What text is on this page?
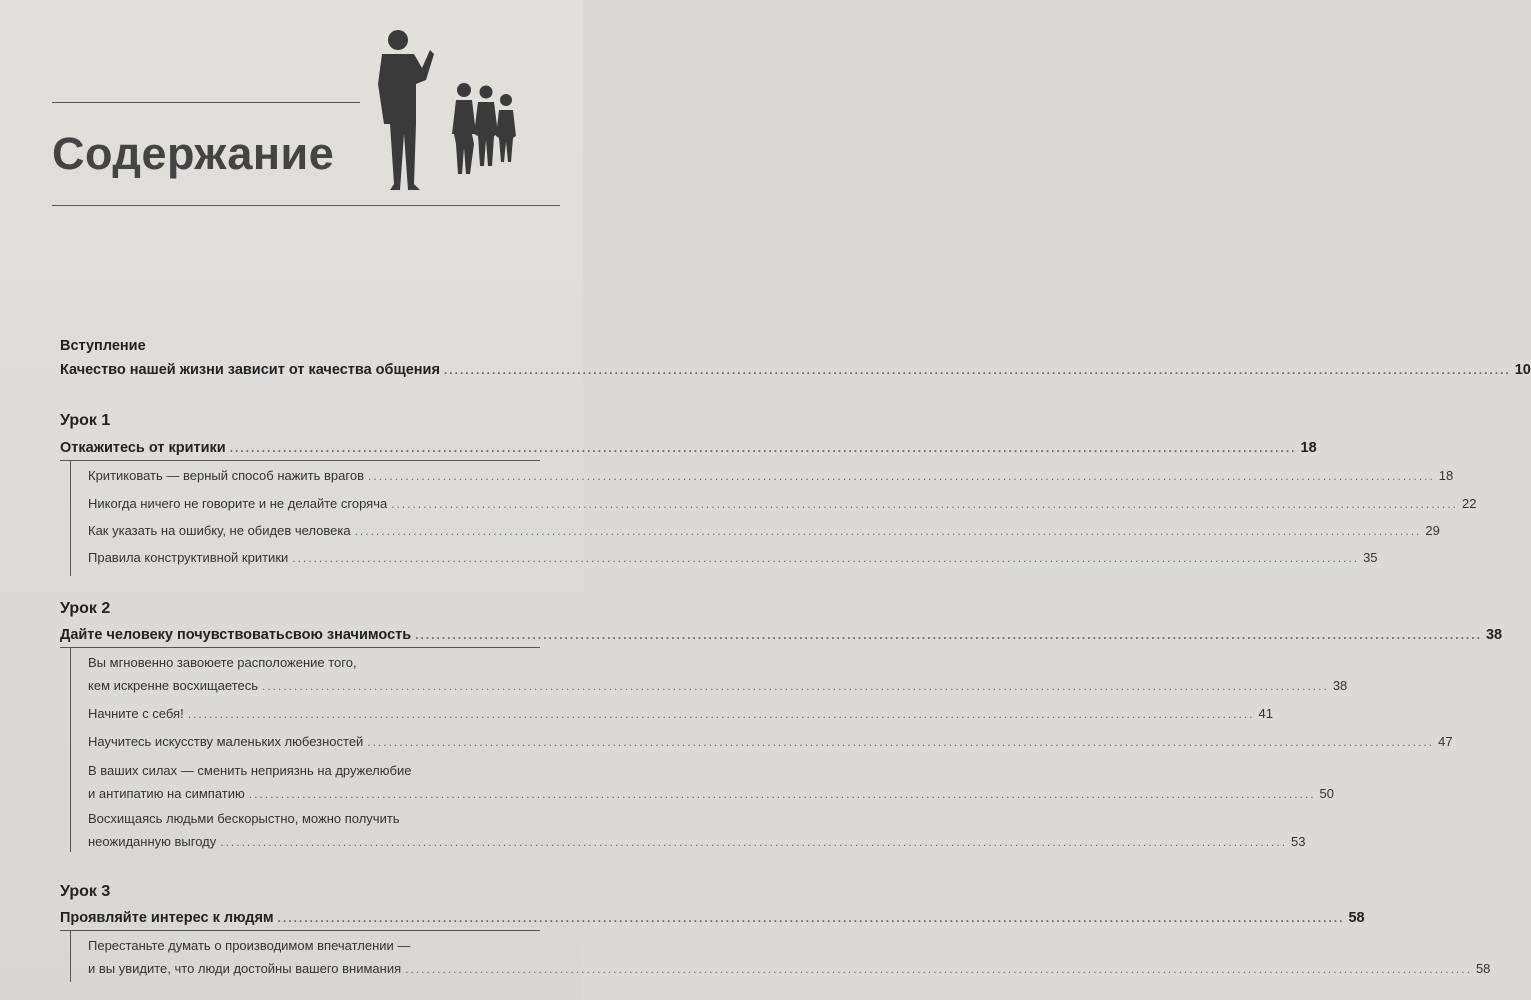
Содержание
Вступление
Качество нашей жизни зависит от качества общения ........................................................................................................................................................................................................ 10
Урок 1
Откажитесь от критики ........................................................................................................................................................................................................ 18
Критиковать — верный способ нажить врагов ........................................................................................................................................................................................................ 18
Никогда ничего не говорите и не делайте сгоряча ........................................................................................................................................................................................................ 22
Как указать на ошибку, не обидев человека ........................................................................................................................................................................................................ 29
Правила конструктивной критики ........................................................................................................................................................................................................ 35
Урок 2
Дайте человеку почувствоватьсвою значимость ........................................................................................................................................................................................................ 38
Вы мгновенно завоюете расположение того,
кем искренне восхищаетесь ........................................................................................................................................................................................................ 38
Начните с себя! ........................................................................................................................................................................................................ 41
Научитесь искусству маленьких любезностей ........................................................................................................................................................................................................ 47
В ваших силах — сменить неприязнь на дружелюбие
и антипатию на симпатию ........................................................................................................................................................................................................ 50
Восхищаясь людьми бескорыстно, можно получить
неожиданную выгоду ........................................................................................................................................................................................................ 53
Урок 3
Проявляйте интерес к людям ........................................................................................................................................................................................................ 58
Перестаньте думать о производимом впечатлении —
и вы увидите, что люди достойны вашего внимания ........................................................................................................................................................................................................ 58
